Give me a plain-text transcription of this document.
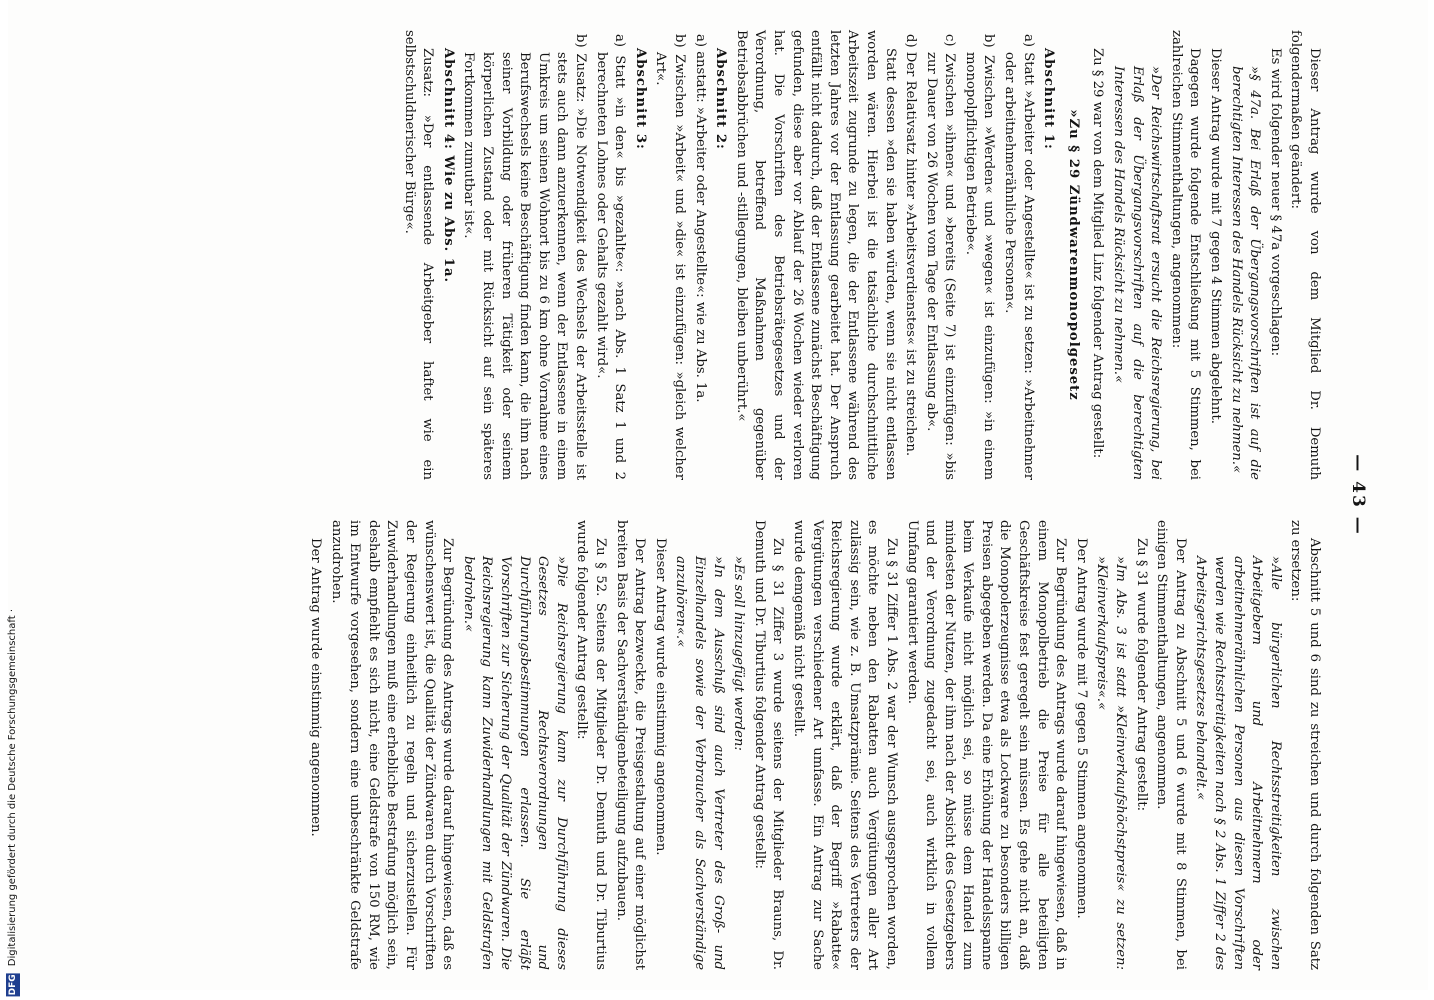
— 43 —

Dieser Antrag wurde von dem Mitglied Dr. Demuth folgendermaßen geändert:

Es wird folgender neuer § 47a vorgeschlagen:

»§ 47a. Bei Erlaß der Übergangsvorschriften ist auf die berechtigten Interessen des Handels Rücksicht zu nehmen.«

Dieser Antrag wurde mit 7 gegen 4 Stimmen abgelehnt.

Dagegen wurde folgende Entschließung mit 5 Stimmen, bei zahlreichen Stimmenthaltungen, angenommen:

»Der Reichswirtschaftsrat ersucht die Reichsregierung, bei Erlaß der Übergangsvorschriften auf die berechtigten Interessen des Handels Rücksicht zu nehmen.«

Zu § 29 war von dem Mitglied Linz folgender Antrag gestellt:

»Zu § 29 Zündwarenmonopolgesetz

Abschnitt 1:

a) Statt »Arbeiter oder Angestellte« ist zu setzen: »Arbeitnehmer oder arbeitnehmerähnliche Personen«.

b) Zwischen »Werden« und »wegen« ist einzufügen: »in einem monopolpflichtigen Betriebe«.

c) Zwischen »ihnen« und »bereits (Seite 7) ist einzufügen: »bis zur Dauer von 26 Wochen vom Tage der Entlassung ab«.

d) Der Relativsatz hinter »Arbeitsverdienstes« ist zu streichen.

Statt dessen »den sie haben würden, wenn sie nicht entlassen worden wären. Hierbei ist die tatsächliche durchschnittliche Arbeitszeit zugrunde zu legen, die der Entlassene während des letzten Jahres vor der Entlassung gearbeitet hat. Der Anspruch entfällt nicht dadurch, daß der Entlassene zunächst Beschäftigung gefunden, diese aber vor Ablauf der 26 Wochen wieder verloren hat. Die Vorschriften des Betriebsrätegesetzes und der Verordnung, betreffend Maßnahmen gegenüber Betriebsabbrüchen und -stillegungen, bleiben unberührt.«

Abschnitt 2:

a) anstatt: »Arbeiter oder Angestellte«: wie zu Abs. 1a.

b) Zwischen »Arbeit« und »die« ist einzufügen: »gleich welcher Art«.

Abschnitt 3:

a) Statt »in den« bis »gezahlte«: »nach Abs. 1 Satz 1 und 2 berechneten Lohnes oder Gehalts gezahlt wird«.

b) Zusatz: »Die Notwendigkeit des Wechsels der Arbeitsstelle ist stets auch dann anzuerkennen, wenn der Entlassene in einem Umkreis um seinen Wohnort bis zu 6 km ohne Vornahme eines Berufswechsels keine Beschäftigung finden kann, die ihm nach seiner Vorbildung oder früheren Tätigkeit oder seinem körperlichen Zustand oder mit Rücksicht auf sein späteres Fortkommen zumutbar ist«.

Abschnitt 4: Wie zu Abs. 1a.

Zusatz: »Der entlassende Arbeitgeber haftet wie ein selbstschuldnerischer Bürge«.

Abschnitt 5 und 6 sind zu streichen und durch folgenden Satz zu ersetzen:

»Alle bürgerlichen Rechtsstreitigkeiten zwischen Arbeitgebern und Arbeitnehmern oder arbeitnehmerähnlichen Personen aus diesen Vorschriften werden wie Rechtsstreitigkeiten nach § 2 Abs. 1 Ziffer 2 des Arbeitsgerichtsgesetzes behandelt.«

Der Antrag zu Abschnitt 5 und 6 wurde mit 8 Stimmen, bei einigen Stimmenthaltungen, angenommen.

Zu § 31 wurde folgender Antrag gestellt:

»Im Abs. 3 ist statt »Kleinverkaufshöchstpreis« zu setzen: »Kleinverkaufspreis«.«

Der Antrag wurde mit 7 gegen 5 Stimmen angenommen.

Zur Begründung des Antrags wurde darauf hingewiesen, daß in einem Monopolbetrieb die Preise für alle beteiligten Geschäftskreise fest geregelt sein müssen. Es gehe nicht an, daß die Monopolerzeugnisse etwa als Lockware zu besonders billigen Preisen abgegeben werden. Da eine Erhöhung der Handelsspanne beim Verkaufe nicht möglich sei, so müsse dem Handel zum mindesten der Nutzen, der ihm nach der Absicht des Gesetzgebers und der Verordnung zugedacht sei, auch wirklich in vollem Umfang garantiert werden.

Zu § 31 Ziffer 1 Abs. 2 war der Wunsch ausgesprochen worden, es möchte neben den Rabatten auch Vergütungen aller Art zulässig sein, wie z. B. Umsatzprämie. Seitens des Vertreters der Reichsregierung wurde erklärt, daß der Begriff »Rabatte« Vergütungen verschiedener Art umfasse. Ein Antrag zur Sache wurde demgemäß nicht gestellt.

Zu § 31 Ziffer 3 wurde seitens der Mitglieder Brauns, Dr. Demuth und Dr. Tiburtius folgender Antrag gestellt:

»Es soll hinzugefügt werden:

»In dem Ausschuß sind auch Vertreter des Groß- und Einzelhandels sowie der Verbraucher als Sachverständige anzuhören«.«

Dieser Antrag wurde einstimmig angenommen.

Der Antrag bezweckte, die Preisgestaltung auf einer möglichst breiten Basis der Sachverständigenbeteiligung aufzubauen.

Zu § 52. Seitens der Mitglieder Dr. Demuth und Dr. Tiburtius wurde folgender Antrag gestellt:

»Die Reichsregierung kann zur Durchführung dieses Gesetzes Rechtsverordnungen und Durchführungsbestimmungen erlassen. Sie erläßt Vorschriften zur Sicherung der Qualität der Zündwaren. Die Reichsregierung kann Zuwiderhandlungen mit Geldstrafen bedrohen.«

Zur Begründung des Antrags wurde darauf hingewiesen, daß es wünschenswert ist, die Qualität der Zündwaren durch Vorschriften der Regierung einheitlich zu regeln und sicherzustellen. Für Zuwiderhandlungen muß eine erhebliche Bestrafung möglich sein, deshalb empfiehlt es sich nicht, eine Geldstrafe von 150 RM, wie im Entwurfe vorgesehen, sondern eine unbeschränkte Geldstrafe anzudrohen.

Der Antrag wurde einstimmig angenommen.

DFG Digitalisierung gefördert durch die Deutsche Forschungsgemeinschaft ·
